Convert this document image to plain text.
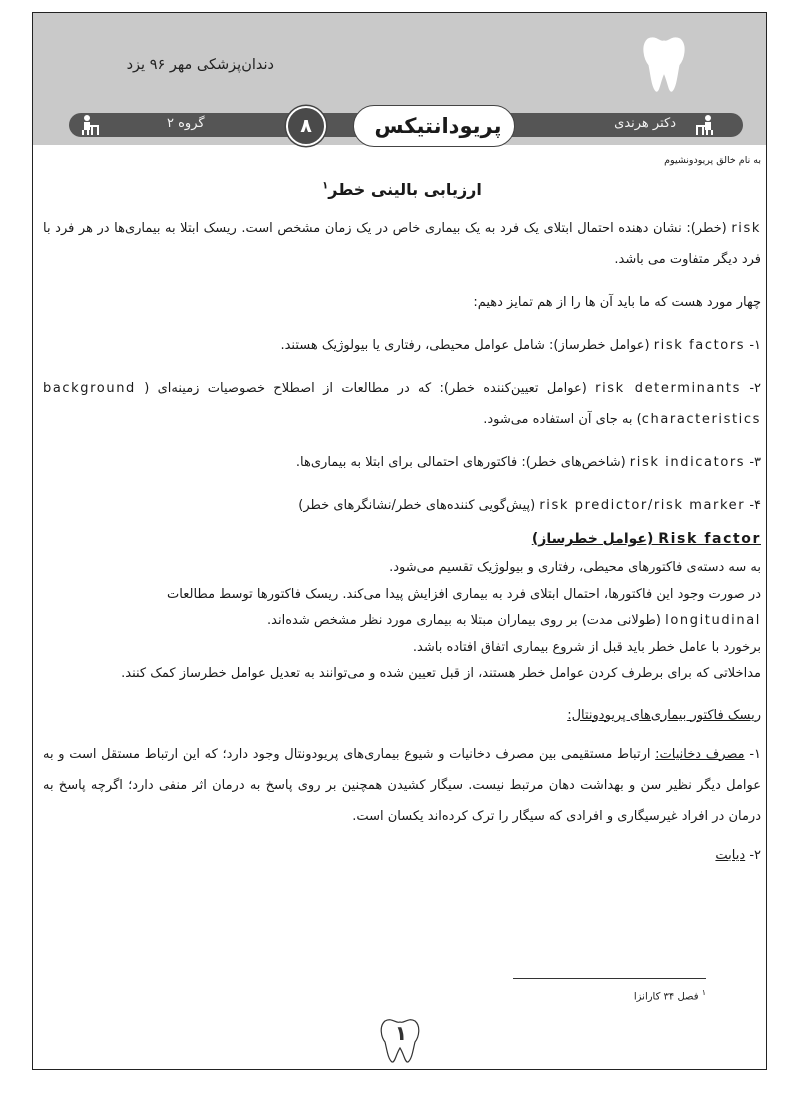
دندان‌پزشکی مهر ۹۶ یزد
دکتر هرندی
گروه ۲	پریودانتیکس
۸
به نام خالق پریودونشیوم
ارزیابی بالینی خطر$^۱$

risk (خطر): نشان دهنده احتمال ابتلای یک فرد به یک بیماری خاص در یک زمان مشخص است. ریسک ابتلا به بیماری‌ها در هر فرد با فرد دیگر متفاوت می باشد.

چهار مورد هست که ما باید آن ها را از هم تمایز دهیم:

۱- risk factors (عوامل خطرساز): شامل عوامل محیطی، رفتاری یا بیولوژیک هستند.

۲- risk determinants (عوامل تعیین‌کننده خطر): که در مطالعات از اصطلاح خصوصیات زمینه‌ای ( background characteristics) به جای آن استفاده می‌شود.

۳- risk indicators (شاخص‌های خطر): فاکتورهای احتمالی برای ابتلا به بیماری‌ها.

۴- risk predictor/risk marker (پیش‌گویی کننده‌های خطر/نشانگرهای خطر)

Risk factor (عوامل خطرساز)

به سه دسته‌ی فاکتورهای محیطی، رفتاری و بیولوژیک تقسیم می‌شود.

در صورت وجود این فاکتورها، احتمال ابتلای فرد به بیماری افزایش پیدا می‌کند. ریسک فاکتورها توسط مطالعات

longitudinal (طولانی مدت) بر روی بیماران مبتلا به بیماری مورد نظر مشخص شده‌اند.

برخورد با عامل خطر باید قبل از شروع بیماری اتفاق افتاده باشد.

مداخلاتی که برای برطرف کردن عوامل خطر هستند، از قبل تعیین شده و می‌توانند به تعدیل عوامل خطرساز کمک کنند.

ریسک فاکتور بیماری‌های پریودونتال:

۱- مصرف دخانیات: ارتباط مستقیمی بین مصرف دخانیات و شیوع بیماری‌های پریودونتال وجود دارد؛ که این ارتباط مستقل است و به عوامل دیگر نظیر سن و بهداشت دهان مرتبط نیست. سیگار کشیدن همچنین بر روی پاسخ به درمان اثر منفی دارد؛ اگرچه پاسخ به درمان در افراد غیرسیگاری و افرادی که سیگار را ترک کرده‌اند یکسان است.

۲- دیابت

$^۱$ فصل ۳۴ کارانزا
۱
